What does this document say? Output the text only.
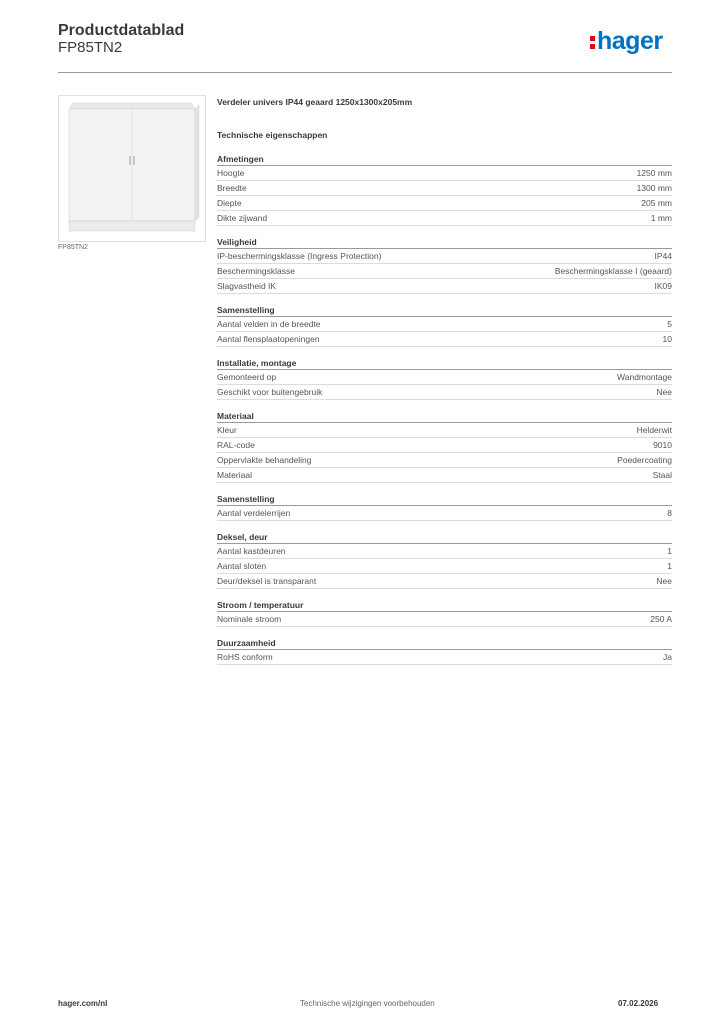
Productdatablad
FP85TN2	hager
FP85TN2
Verdeler univers IP44 geaard 1250x1300x205mm
Technische eigenschappen
Afmetingen
Hoogte	1250 mm
Breedte	1300 mm
Diepte	205 mm
Dikte zijwand	1 mm
Veiligheid
IP-beschermingsklasse (Ingress Protection)	IP44
Beschermingsklasse	Beschermingsklasse I (geaard)
Slagvastheid IK	IK09
Samenstelling
Aantal velden in de breedte	5
Aantal flensplaatopeningen	10
Installatie, montage
Gemonteerd op	Wandmontage
Geschikt voor buitengebruik	Nee
Materiaal
Kleur	Helderwit
RAL-code	9010
Oppervlakte behandeling	Poedercoating
Materiaal	Staal
Samenstelling
Aantal verdelerrijen	8
Deksel, deur
Aantal kastdeuren	1
Aantal sloten	1
Deur/deksel is transparant	Nee
Stroom / temperatuur
Nominale stroom	250 A
Duurzaamheid
RoHS conform	Ja
hager.com/nl	Technische wijzigingen voorbehouden	07.02.2026
